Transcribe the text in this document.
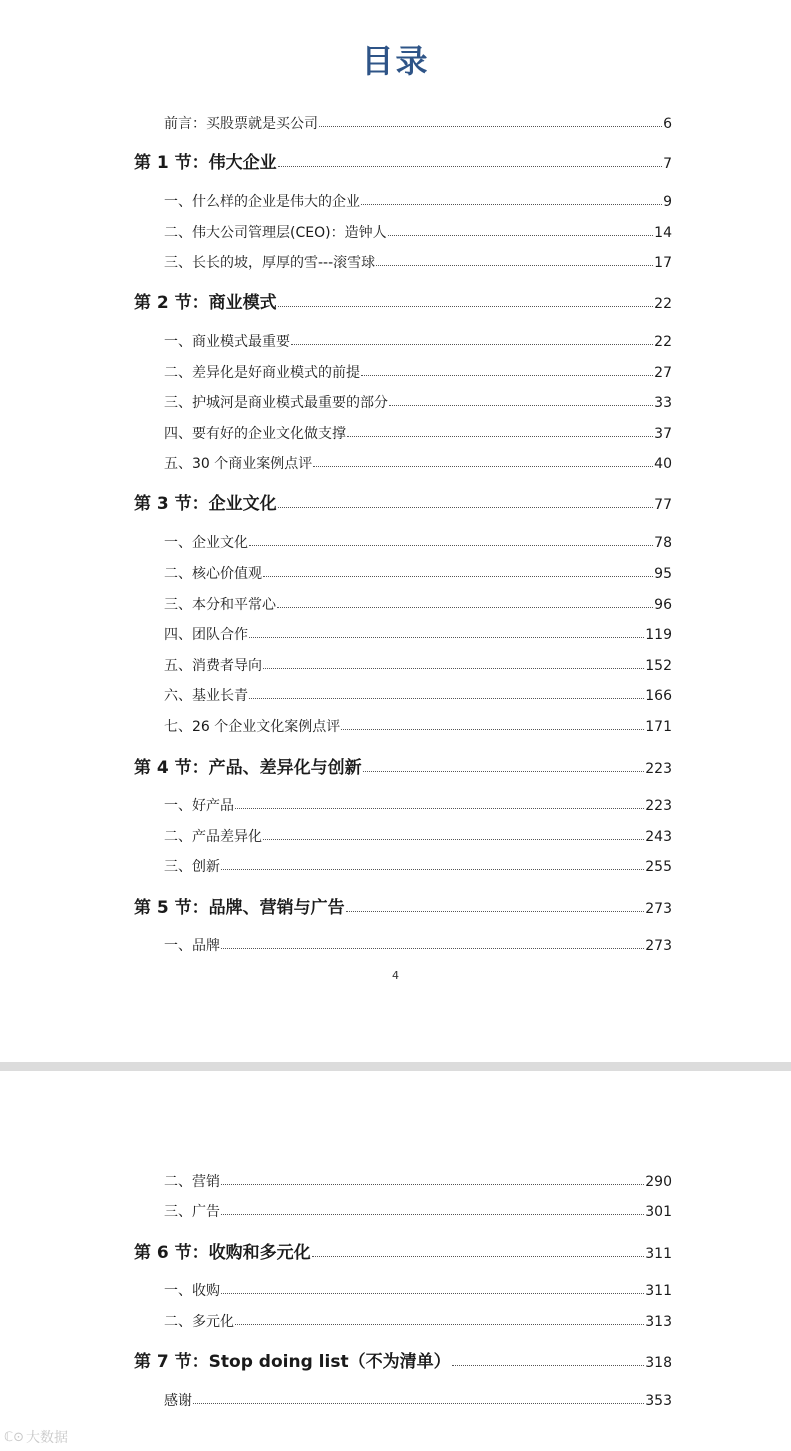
目录
前言：买股票就是买公司	6
第 1 节：伟大企业	7
一、什么样的企业是伟大的企业	9
二、伟大公司管理层(CEO)：造钟人	14
三、长长的坡，厚厚的雪---滚雪球	17
第 2 节：商业模式	22
一、商业模式最重要	22
二、差异化是好商业模式的前提	27
三、护城河是商业模式最重要的部分	33
四、要有好的企业文化做支撑	37
五、30 个商业案例点评	40
第 3 节：企业文化	77
一、企业文化	78
二、核心价值观	95
三、本分和平常心	96
四、团队合作	119
五、消费者导向	152
六、基业长青	166
七、26 个企业文化案例点评	171
第 4 节：产品、差异化与创新	223
一、好产品	223
二、产品差异化	243
三、创新	255
第 5 节：品牌、营销与广告	273
一、品牌	273
4
二、营销	290
三、广告	301
第 6 节：收购和多元化	311
一、收购	311
二、多元化	313
第 7 节：Stop doing list（不为清单）	318
感谢	353
ℂ⊙ 大数据
